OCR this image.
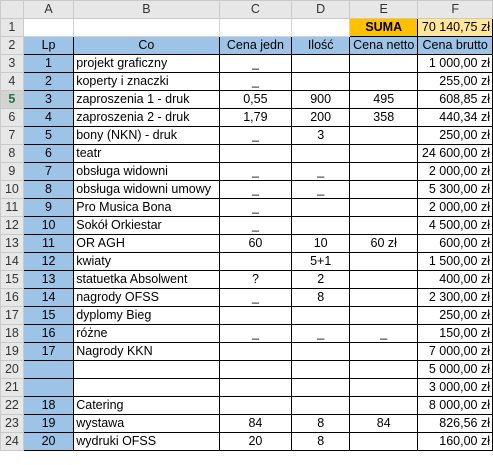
	A	B	C	D	E	F
1					SUMA	70 140,75 zł
2	Lp	Co	Cena jedn	Ilość	Cena netto	Cena brutto
3	1	projekt graficzny	_			1 000,00 zł
4	2	koperty i znaczki	_			255,00 zł
5	3	zaproszenia 1 - druk	0,55	900	495	608,85 zł
6	4	zaproszenia 2 - druk	1,79	200	358	440,34 zł
7	5	bony (NKN) - druk	_	3		250,00 zł
8	6	teatr				24 600,00 zł
9	7	obsługa widowni	_	_		2 000,00 zł
10	8	obsługa widowni umowy	_	_		5 300,00 zł
11	9	Pro Musica Bona	_			2 000,00 zł
12	10	Sokół Orkiestar	_			4 500,00 zł
13	11	OR AGH	60	10	60 zł	600,00 zł
14	12	kwiaty		5+1		1 500,00 zł
15	13	statuetka Absolwent	?	2		400,00 zł
16	14	nagrody OFSS	_	8		2 300,00 zł
17	15	dyplomy Bieg				250,00 zł
18	16	różne	_	_	_	150,00 zł
19	17	Nagrody KKN				7 000,00 zł
20						5 000,00 zł
21						3 000,00 zł
22	18	Catering				8 000,00 zł
23	19	wystawa	84	8	84	826,56 zł
24	20	wydruki OFSS	20	8		160,00 zł
